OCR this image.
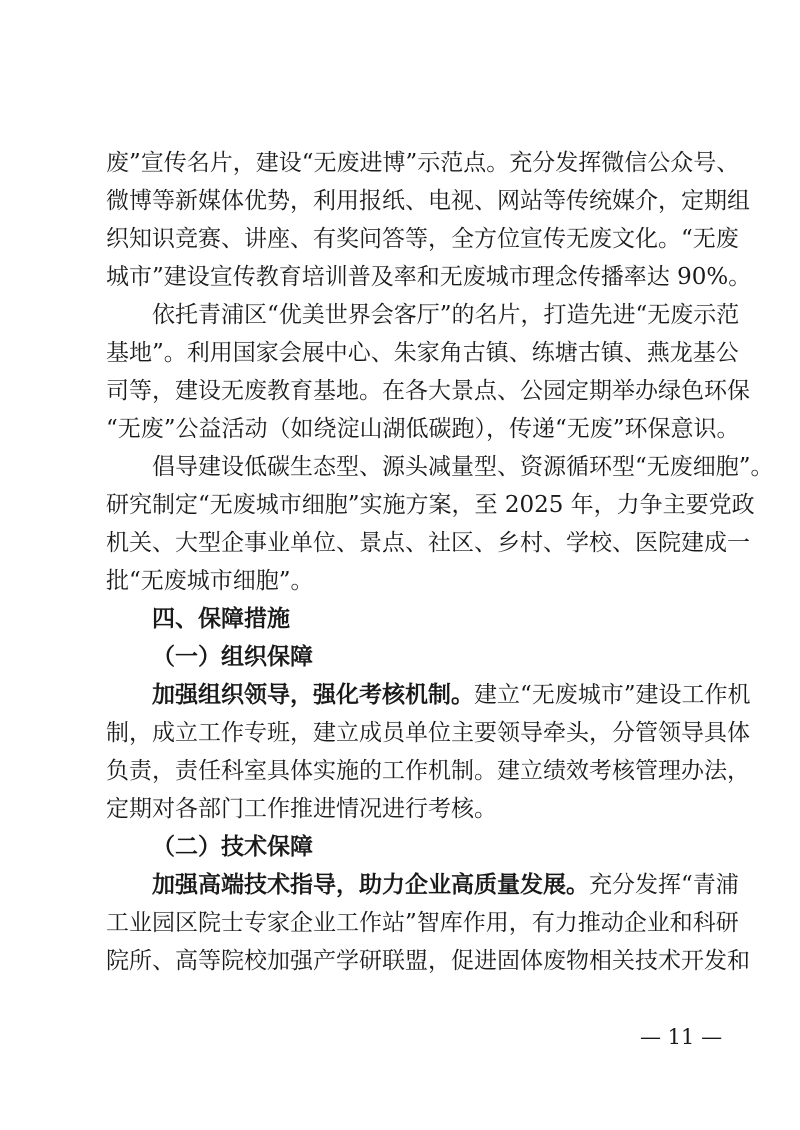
废”宣传名片，建设“无废进博”示范点。充分发挥微信公众号、
微博等新媒体优势，利用报纸、电视、网站等传统媒介，定期组
织知识竞赛、讲座、有奖问答等，全方位宣传无废文化。“无废
城市”建设宣传教育培训普及率和无废城市理念传播率达 90%。
依托青浦区“优美世界会客厅”的名片，打造先进“无废示范
基地”。利用国家会展中心、朱家角古镇、练塘古镇、燕龙基公
司等，建设无废教育基地。在各大景点、公园定期举办绿色环保
“无废”公益活动（如绕淀山湖低碳跑），传递“无废”环保意识。
倡导建设低碳生态型、源头减量型、资源循环型“无废细胞”。
研究制定“无废城市细胞”实施方案，至 2025 年，力争主要党政
机关、大型企事业单位、景点、社区、乡村、学校、医院建成一
批“无废城市细胞”。
四、保障措施
（一）组织保障
加强组织领导，强化考核机制。建立“无废城市”建设工作机
制，成立工作专班，建立成员单位主要领导牵头，分管领导具体
负责，责任科室具体实施的工作机制。建立绩效考核管理办法，
定期对各部门工作推进情况进行考核。
（二）技术保障
加强高端技术指导，助力企业高质量发展。充分发挥“青浦
工业园区院士专家企业工作站”智库作用，有力推动企业和科研
院所、高等院校加强产学研联盟，促进固体废物相关技术开发和
— 11 —
